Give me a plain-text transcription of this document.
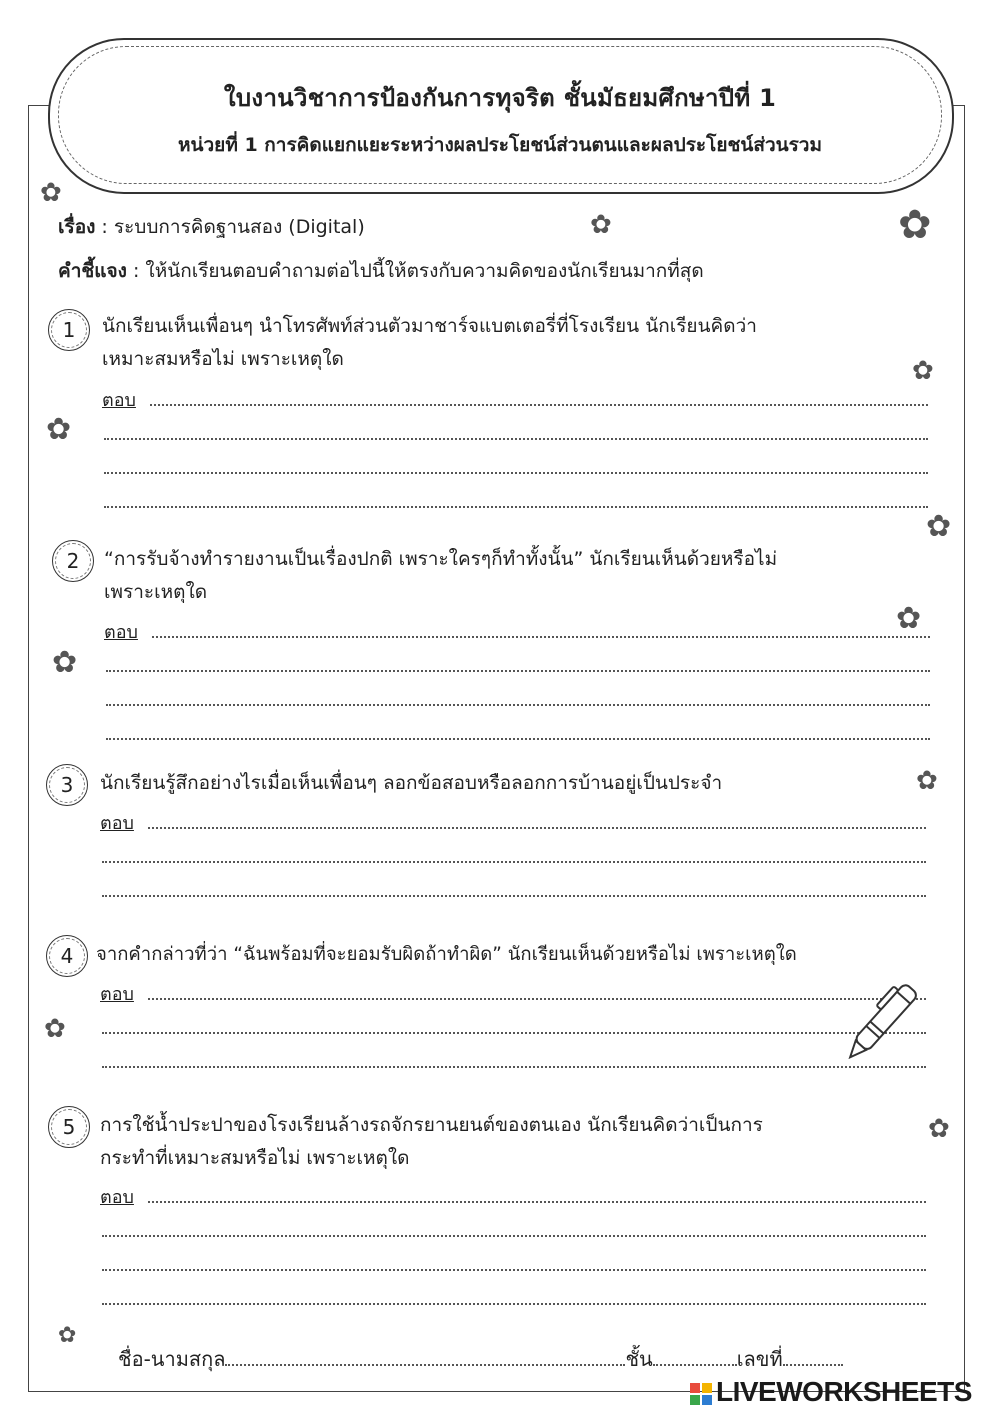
ใบงานวิชาการป้องกันการทุจริต ชั้นมัธยมศึกษาปีที่ 1
หน่วยที่ 1 การคิดแยกแยะระหว่างผลประโยชน์ส่วนตนและผลประโยชน์ส่วนรวม
เรื่อง : ระบบการคิดฐานสอง (Digital)
คำชี้แจง : ให้นักเรียนตอบคำถามต่อไปนี้ให้ตรงกับความคิดของนักเรียนมากที่สุด
1	นักเรียนเห็นเพื่อนๆ นำโทรศัพท์ส่วนตัวมาชาร์จแบตเตอรี่ที่โรงเรียน นักเรียนคิดว่า
เหมาะสมหรือไม่ เพราะเหตุใด
ตอบ
2	“การรับจ้างทำรายงานเป็นเรื่องปกติ เพราะใครๆก็ทำทั้งนั้น” นักเรียนเห็นด้วยหรือไม่
เพราะเหตุใด
ตอบ
3	นักเรียนรู้สึกอย่างไรเมื่อเห็นเพื่อนๆ ลอกข้อสอบหรือลอกการบ้านอยู่เป็นประจำ
ตอบ
4	จากคำกล่าวที่ว่า “ฉันพร้อมที่จะยอมรับผิดถ้าทำผิด” นักเรียนเห็นด้วยหรือไม่ เพราะเหตุใด
ตอบ
5	การใช้น้ำประปาของโรงเรียนล้างรถจักรยานยนต์ของตนเอง นักเรียนคิดว่าเป็นการ
กระทำที่เหมาะสมหรือไม่ เพราะเหตุใด
ตอบ
ชื่อ-นามสกุล	ชั้น	เลขที่
✿
✿	✿
✿
✿
✿
✿
✿
✿
✿
✿
✿
LIVEWORKSHEETS
